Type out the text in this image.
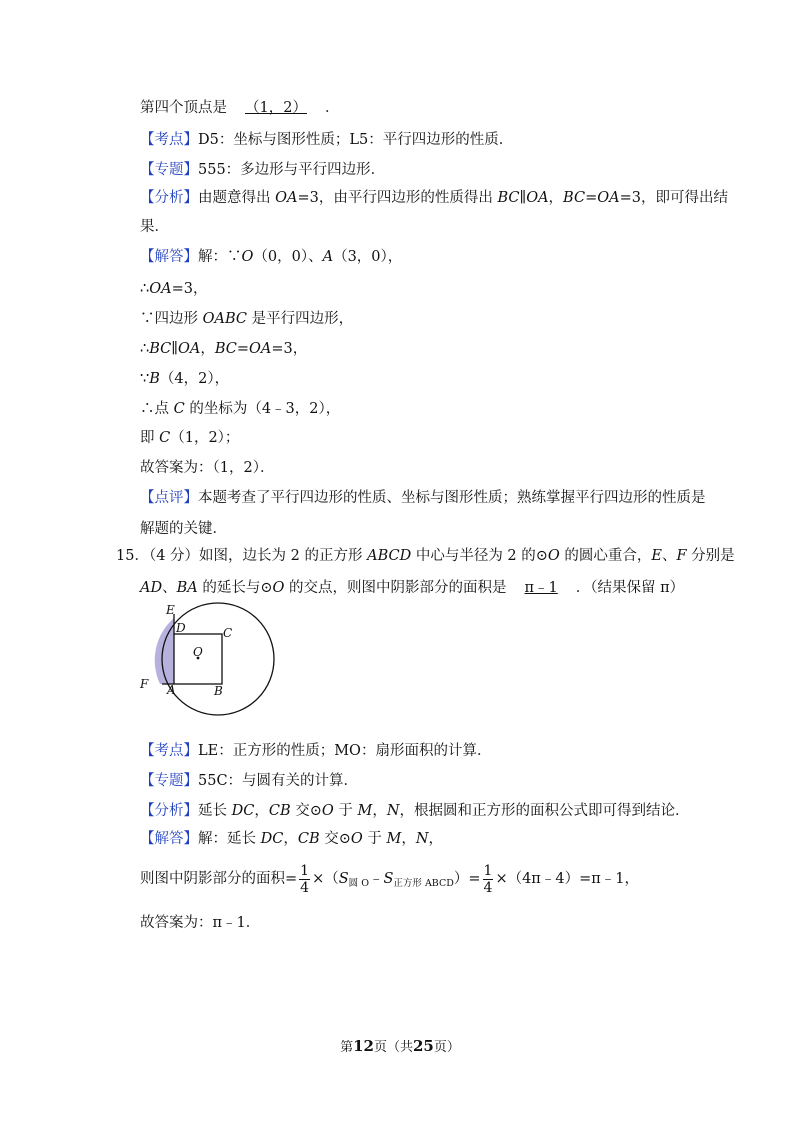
第四个顶点是 （1，2） ．
【考点】D5：坐标与图形性质；L5：平行四边形的性质．
【专题】555：多边形与平行四边形．
【分析】由题意得出 OA=3，由平行四边形的性质得出 BC∥OA，BC=OA=3，即可得出结
果．
【解答】解：∵O（0，0）、A（3，0），
∴OA=3，
∵四边形 OABC 是平行四边形，
∴BC∥OA，BC=OA=3，
∵B（4，2），
∴点 C 的坐标为（4﹣3，2），
即 C（1，2）；
故答案为：（1，2）．
【点评】本题考查了平行四边形的性质、坐标与图形性质；熟练掌握平行四边形的性质是
解题的关键．
15．（4 分）如图，边长为 2 的正方形 ABCD 中心与半径为 2 的⊙O 的圆心重合，E、F 分别是
AD、BA 的延长与⊙O 的交点，则图中阴影部分的面积是 π﹣1 ．（结果保留 π）
E
D	C
O
F A	B
【考点】LE：正方形的性质；MO：扇形面积的计算．
【专题】55C：与圆有关的计算．
【分析】延长 DC，CB 交⊙O 于 M，N，根据圆和正方形的面积公式即可得到结论．
【解答】解：延长 DC，CB 交⊙O 于 M，N，
则图中阴影部分的面积= $\frac{1}{4}$ $\times(S_{圆 O}﹣S_{正方形 ABCD})= \frac{1}{4}$ ×（4π﹣4）=π﹣1，
故答案为：π﹣1．
第12页（共25页）
